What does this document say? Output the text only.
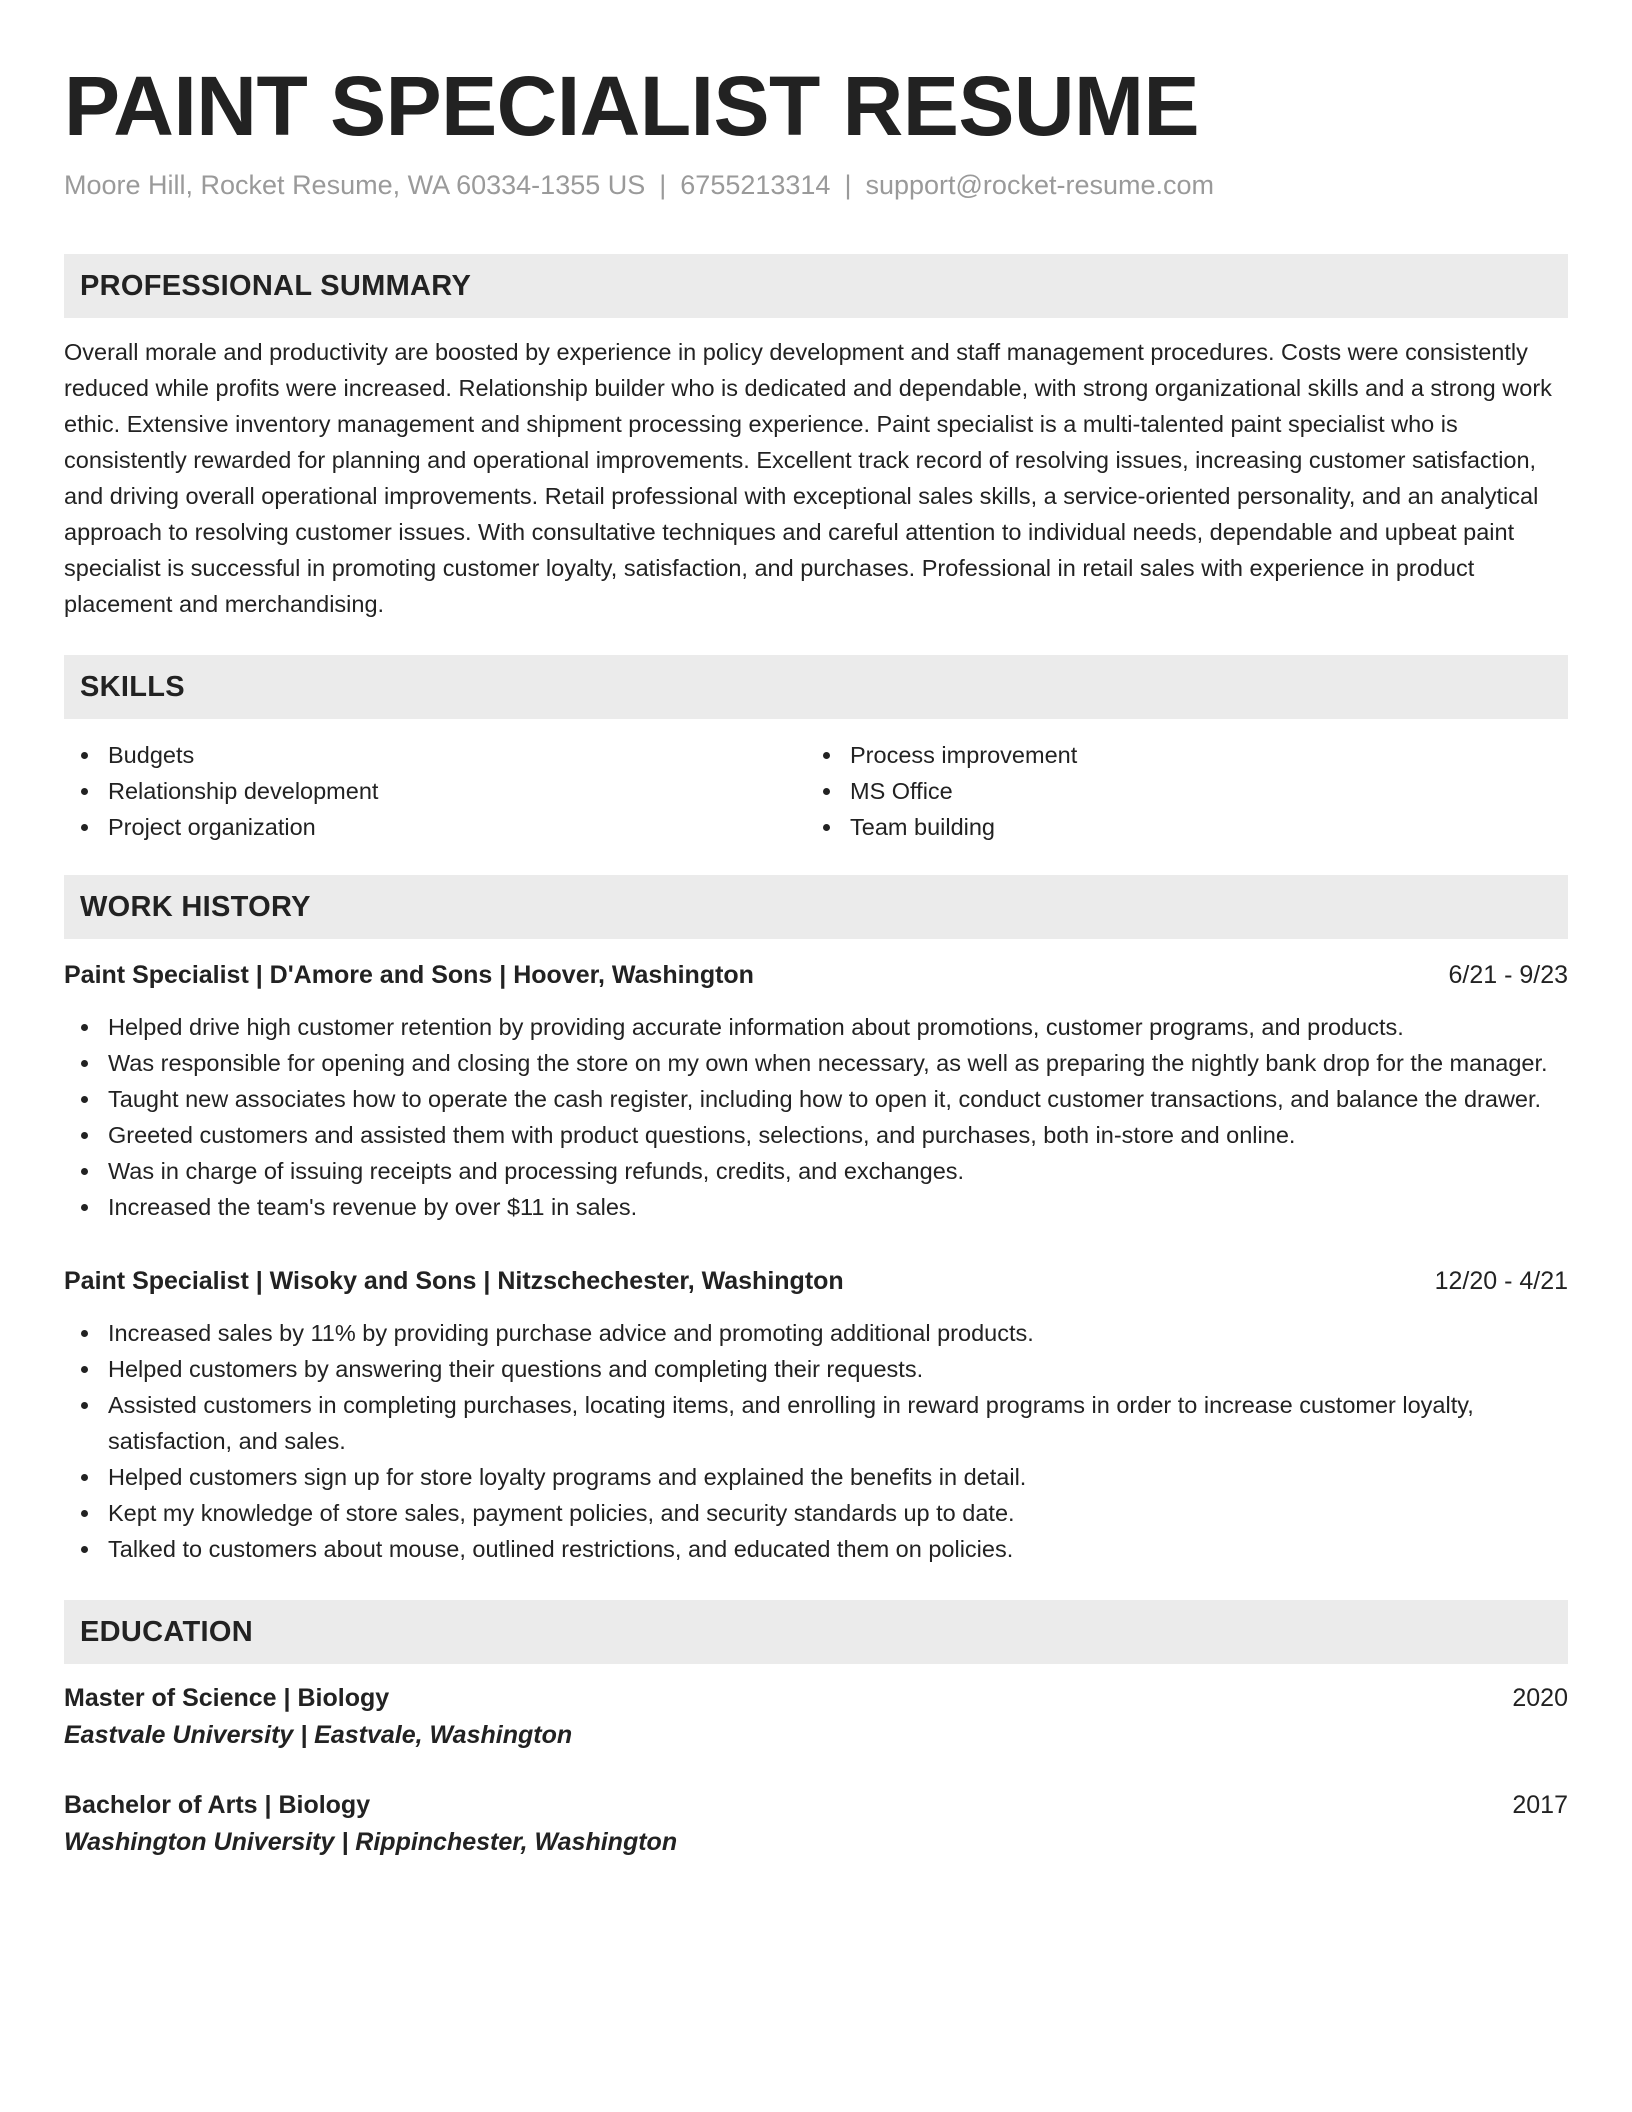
PAINT SPECIALIST RESUME
Moore Hill, Rocket Resume, WA 60334-1355 US | 6755213314 | support@rocket-resume.com
PROFESSIONAL SUMMARY

Overall morale and productivity are boosted by experience in policy development and staff management procedures. Costs were consistently reduced while profits were increased. Relationship builder who is dedicated and dependable, with strong organizational skills and a strong work ethic. Extensive inventory management and shipment processing experience. Paint specialist is a multi-talented paint specialist who is consistently rewarded for planning and operational improvements. Excellent track record of resolving issues, increasing customer satisfaction, and driving overall operational improvements. Retail professional with exceptional sales skills, a service-oriented personality, and an analytical approach to resolving customer issues. With consultative techniques and careful attention to individual needs, dependable and upbeat paint specialist is successful in promoting customer loyalty, satisfaction, and purchases. Professional in retail sales with experience in product placement and merchandising.

SKILLS
Budgets
Relationship development
Project organization
Process improvement
MS Office
Team building
WORK HISTORY
Paint Specialist | D'Amore and Sons | Hoover, Washington	6/21 - 9/23
Helped drive high customer retention by providing accurate information about promotions, customer programs, and products.
Was responsible for opening and closing the store on my own when necessary, as well as preparing the nightly bank drop for the manager.
Taught new associates how to operate the cash register, including how to open it, conduct customer transactions, and balance the drawer.
Greeted customers and assisted them with product questions, selections, and purchases, both in-store and online.
Was in charge of issuing receipts and processing refunds, credits, and exchanges.
Increased the team's revenue by over $11 in sales.
Paint Specialist | Wisoky and Sons | Nitzschechester, Washington	12/20 - 4/21
Increased sales by 11% by providing purchase advice and promoting additional products.
Helped customers by answering their questions and completing their requests.
Assisted customers in completing purchases, locating items, and enrolling in reward programs in order to increase customer loyalty, satisfaction, and sales.
Helped customers sign up for store loyalty programs and explained the benefits in detail.
Kept my knowledge of store sales, payment policies, and security standards up to date.
Talked to customers about mouse, outlined restrictions, and educated them on policies.
EDUCATION
Master of Science | Biology	2020
Eastvale University | Eastvale, Washington
Bachelor of Arts | Biology	2017
Washington University | Rippinchester, Washington
